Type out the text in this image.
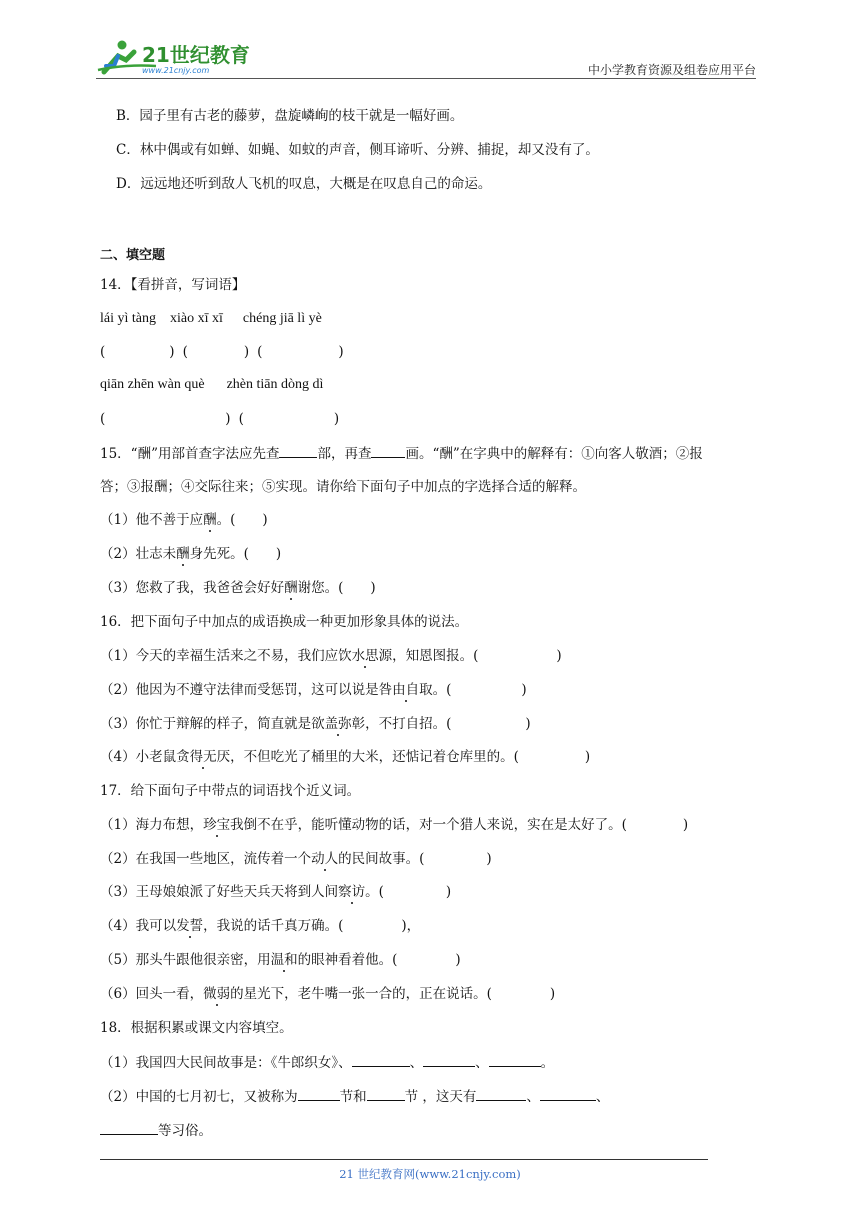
21世纪教育
www.21cnjy.com	中小学教育资源及组卷应用平台
B．园子里有古老的藤萝，盘旋嶙峋的枝干就是一幅好画。
C．林中偶或有如蝉、如蝇、如蚊的声音，侧耳谛听、分辨、捕捉，却又没有了。
D．远远地还听到敌人飞机的叹息，大概是在叹息自己的命运。
二、填空题
14．【看拼音，写词语】
lái yì tàng xiào xī xī chéng jiā lì yè
(	) (	) (	)
qiān zhēn wàn què zhèn tiān dòng dì
(	) (	)
15．“酬”用部首查字法应先查	部，再查	画。“酬”在字典中的解释有：①向客人敬酒；②报
答；③报酬；④交际往来；⑤实现。请你给下面句子中加点的字选择合适的解释。
（1）他不善于应酬。(　　)
（2）壮志未酬身先死。(　　)
（3）您救了我，我爸爸会好好酬谢您。(　　)
16．把下面句子中加点的成语换成一种更加形象具体的说法。
（1）今天的幸福生活来之不易，我们应饮水思源，知恩图报。(	)
（2）他因为不遵守法律而受惩罚，这可以说是咎由自取。(	)
（3）你忙于辩解的样子，简直就是欲盖弥彰，不打自招。(	)
（4）小老鼠贪得无厌，不但吃光了桶里的大米，还惦记着仓库里的。(	)
17．给下面句子中带点的词语找个近义词。
（1）海力布想，珍宝我倒不在乎，能听懂动物的话，对一个猎人来说，实在是太好了。(	)
（2）在我国一些地区，流传着一个动人的民间故事。(	)
（3）王母娘娘派了好些天兵天将到人间察访。(	)
（4）我可以发誓，我说的话千真万确。(	)，
（5）那头牛跟他很亲密，用温和的眼神看着他。(	)
（6）回头一看，微弱的星光下，老牛嘴一张一合的，正在说话。(	)
18．根据积累或课文内容填空。
（1）我国四大民间故事是：《牛郎织女》、	、	、	。
（2）中国的七月初七，又被称为	节和	节 ，这天有	、	、
等习俗。
21 世纪教育网(www.21cnjy.com)
